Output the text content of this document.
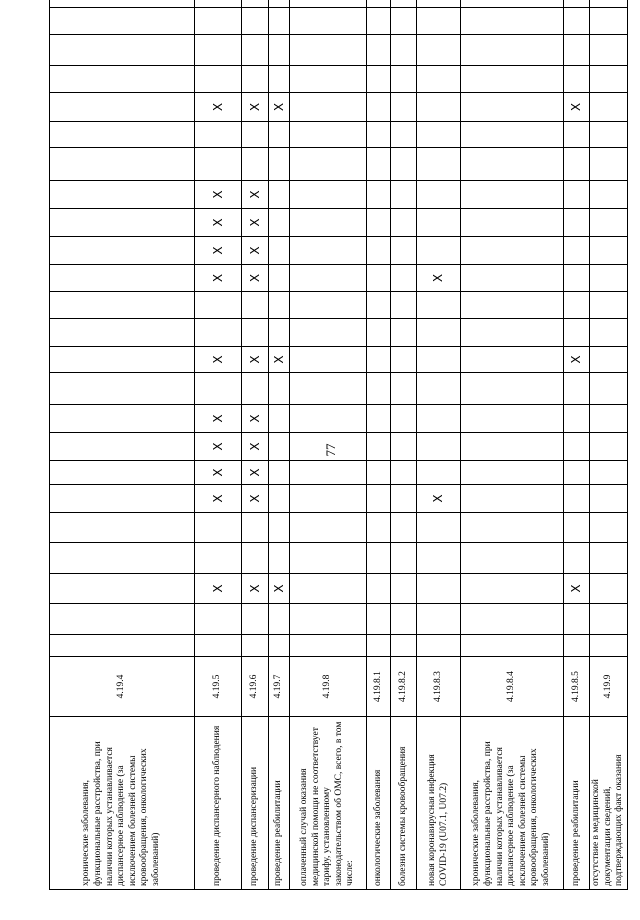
77
хронические заболевания, функциональные расстройства, при наличии которых устанавливается диспансерное наблюдение (за исключением болезней системы кровообращения, онкологических заболеваний)	4.19.4																										
проведение диспансерного наблюдения	4.19.5			X			X	X	X	X		X			X	X	X	X			X						
проведение диспансеризации	4.19.6			X			X	X	X	X		X			X	X	X	X			X						
проведение реабилитации	4.19.7			X								X									X						
оплаченный случай оказания медицинской помощи не соответствует тарифу, установленному законодательством об ОМС, всего, в том числе:	4.19.8																										
онкологические заболевания	4.19.8.1																										
болезни системы кровообращения	4.19.8.2																										
новая коронавирусная инфекция COVID-19 (U07.1, U07.2)	4.19.8.3						X								X												
хронические заболевания, функциональные расстройства, при наличии которых устанавливается диспансерное наблюдение (за исключением болезней системы кровообращения, онкологических заболеваний)	4.19.8.4																										
проведение реабилитации	4.19.8.5			X								X									X						
отсутствие в медицинской документации сведений, подтверждающих факт оказания	4.19.9																										
